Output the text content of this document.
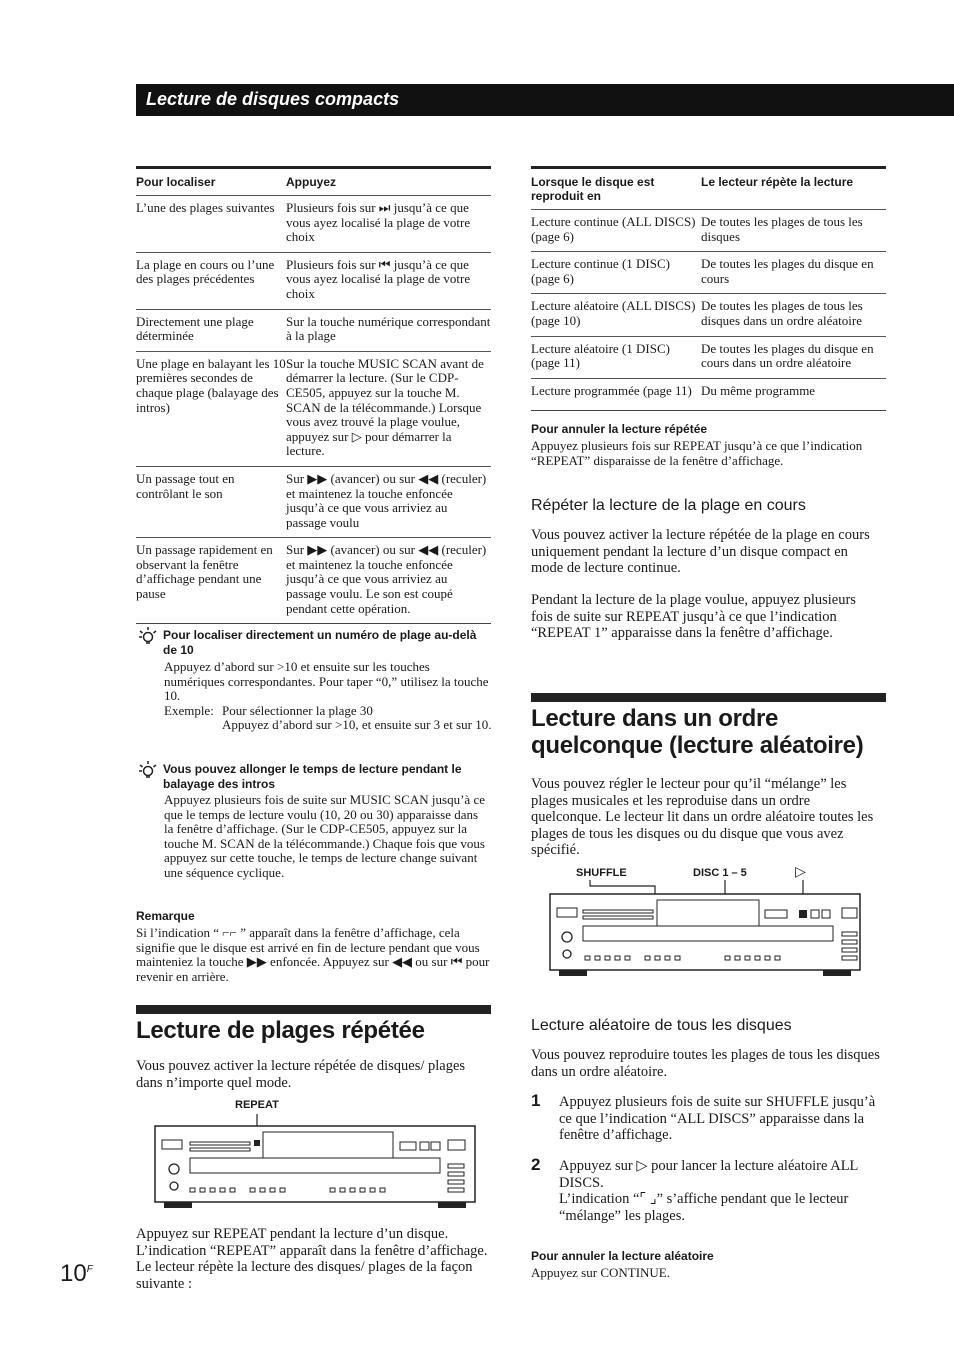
Lecture de disques compacts
Pour localiser	Appuyez
L’une des plages suivantes	Plusieurs fois sur ⏭ jusqu’à ce que vous ayez localisé la plage de votre choix
La plage en cours ou l’une des plages précédentes	Plusieurs fois sur ⏮ jusqu’à ce que vous ayez localisé la plage de votre choix
Directement une plage déterminée	Sur la touche numérique correspondant à la plage
Une plage en balayant les 10 premières secondes de chaque plage (balayage des intros)	Sur la touche MUSIC SCAN avant de démarrer la lecture. (Sur le CDP-CE505, appuyez sur la touche M. SCAN de la télécommande.) Lorsque vous avez trouvé la plage voulue, appuyez sur ▷ pour démarrer la lecture.
Un passage tout en contrôlant le son	Sur ▶▶ (avancer) ou sur ◀◀ (reculer) et maintenez la touche enfoncée jusqu’à ce que vous arriviez au passage voulu
Un passage rapidement en observant la fenêtre d’affichage pendant une pause	Sur ▶▶ (avancer) ou sur ◀◀ (reculer) et maintenez la touche enfoncée jusqu’à ce que vous arriviez au passage voulu. Le son est coupé pendant cette opération.
Pour localiser directement un numéro de plage au-delà de 10
Appuyez d’abord sur >10 et ensuite sur les touches numériques correspondantes. Pour taper “0,” utilisez la touche 10.
Exemple: Pour sélectionner la plage 30
Appuyez d’abord sur >10, et ensuite sur 3 et sur 10.
Vous pouvez allonger le temps de lecture pendant le balayage des intros
Appuyez plusieurs fois de suite sur MUSIC SCAN jusqu’à ce que le temps de lecture voulu (10, 20 ou 30) apparaisse dans la fenêtre d’affichage. (Sur le CDP-CE505, appuyez sur la touche M. SCAN de la télécommande.) Chaque fois que vous appuyez sur cette touche, le temps de lecture change suivant une séquence cyclique.
Remarque
Si l’indication “ ⌐⌐ ” apparaît dans la fenêtre d’affichage, cela signifie que le disque est arrivé en fin de lecture pendant que vous mainteniez la touche ▶▶ enfoncée. Appuyez sur ◀◀ ou sur ⏮ pour revenir en arrière.
Lecture de plages répétée
Vous pouvez activer la lecture répétée de disques/ plages dans n’importe quel mode.
REPEAT
Appuyez sur REPEAT pendant la lecture d’un disque. L’indication “REPEAT” apparaît dans la fenêtre d’affichage. Le lecteur répète la lecture des disques/ plages de la façon suivante :
$10^F$
Lorsque le disque est reproduit en	Le lecteur répète la lecture
Lecture continue (ALL DISCS) (page 6)	De toutes les plages de tous les disques
Lecture continue (1 DISC) (page 6)	De toutes les plages du disque en cours
Lecture aléatoire (ALL DISCS) (page 10)	De toutes les plages de tous les disques dans un ordre aléatoire
Lecture aléatoire (1 DISC) (page 11)	De toutes les plages du disque en cours dans un ordre aléatoire
Lecture programmée (page 11)	Du même programme
Pour annuler la lecture répétée
Appuyez plusieurs fois sur REPEAT jusqu’à ce que l’indication “REPEAT” disparaisse de la fenêtre d’affichage.
Répéter la lecture de la plage en cours
Vous pouvez activer la lecture répétée de la plage en cours uniquement pendant la lecture d’un disque compact en mode de lecture continue.
Pendant la lecture de la plage voulue, appuyez plusieurs fois de suite sur REPEAT jusqu’à ce que l’indication “REPEAT 1” apparaisse dans la fenêtre d’affichage.
Lecture dans un ordre
quelconque (lecture aléatoire)
Vous pouvez régler le lecteur pour qu’il “mélange” les plages musicales et les reproduise dans un ordre quelconque. Le lecteur lit dans un ordre aléatoire toutes les plages de tous les disques ou du disque que vous avez spécifié.
SHUFFLE	DISC 1 – 5	▷
Lecture aléatoire de tous les disques
Vous pouvez reproduire toutes les plages de tous les disques dans un ordre aléatoire.
1 Appuyez plusieurs fois de suite sur SHUFFLE jusqu’à ce que l’indication “ALL DISCS” apparaisse dans la fenêtre d’affichage.
2 Appuyez sur ▷ pour lancer la lecture aléatoire ALL DISCS.
L’indication “⌜ ⌟” s’affiche pendant que le lecteur “mélange” les plages.
Pour annuler la lecture aléatoire
Appuyez sur CONTINUE.
